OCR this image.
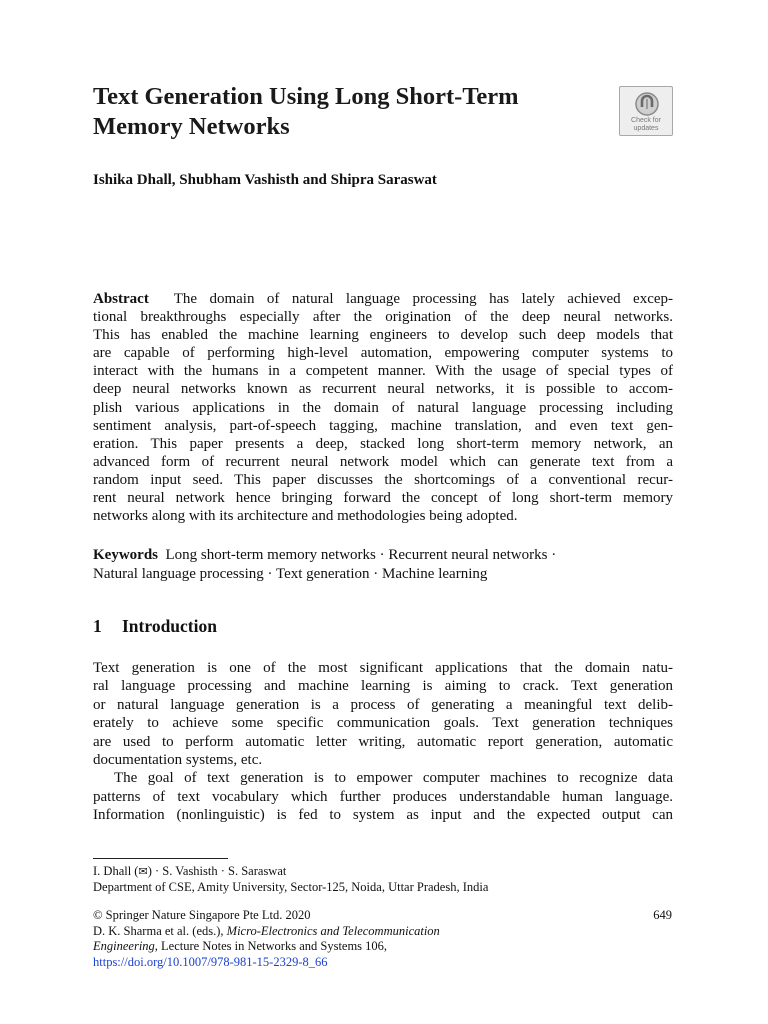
Text Generation Using Long Short-Term
Memory Networks	Check for
updates

Ishika Dhall, Shubham Vashisth and Shipra Saraswat

Abstract The domain of natural language processing has lately achieved excep-
tional breakthroughs especially after the origination of the deep neural networks.
This has enabled the machine learning engineers to develop such deep models that
are capable of performing high-level automation, empowering computer systems to
interact with the humans in a competent manner. With the usage of special types of
deep neural networks known as recurrent neural networks, it is possible to accom-
plish various applications in the domain of natural language processing including
sentiment analysis, part-of-speech tagging, machine translation, and even text gen-
eration. This paper presents a deep, stacked long short-term memory network, an
advanced form of recurrent neural network model which can generate text from a
random input seed. This paper discusses the shortcomings of a conventional recur-
rent neural network hence bringing forward the concept of long short-term memory
networks along with its architecture and methodologies being adopted.
Keywords Long short-term memory networks · Recurrent neural networks ·
Natural language processing · Text generation · Machine learning
1 Introduction
Text generation is one of the most significant applications that the domain natu-
ral language processing and machine learning is aiming to crack. Text generation
or natural language generation is a process of generating a meaningful text delib-
erately to achieve some specific communication goals. Text generation techniques
are used to perform automatic letter writing, automatic report generation, automatic
documentation systems, etc.
The goal of text generation is to empower computer machines to recognize data
patterns of text vocabulary which further produces understandable human language.
Information (nonlinguistic) is fed to system as input and the expected output can
I. Dhall (✉) · S. Vashisth · S. Saraswat
Department of CSE, Amity University, Sector-125, Noida, Uttar Pradesh, India
© Springer Nature Singapore Pte Ltd. 2020
D. K. Sharma et al. (eds.), Micro-Electronics and Telecommunication
Engineering, Lecture Notes in Networks and Systems 106,
https://doi.org/10.1007/978-981-15-2329-8_66
649
